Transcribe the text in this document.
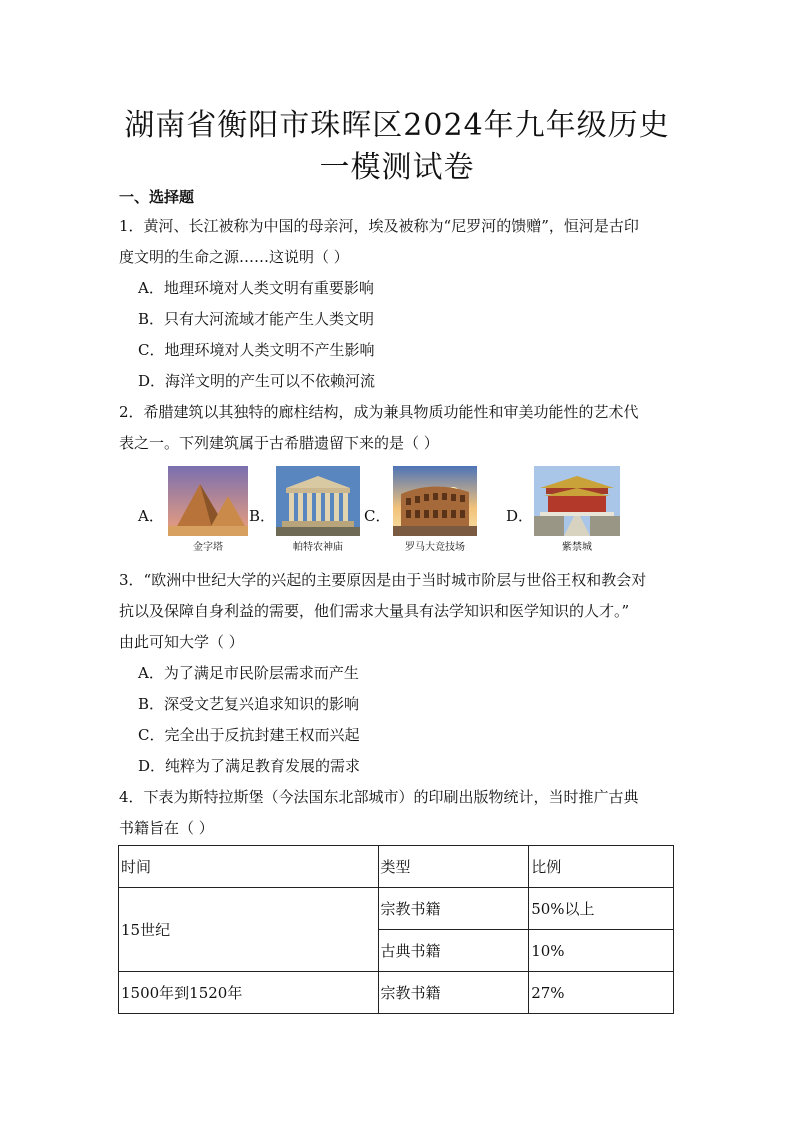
湖南省衡阳市珠晖区2024年九年级历史
一模测试卷
一、选择题
1．黄河、长江被称为中国的母亲河，埃及被称为“尼罗河的馈赠”，恒河是古印
度文明的生命之源……这说明（ ）
A．地理环境对人类文明有重要影响
B．只有大河流域才能产生人类文明
C．地理环境对人类文明不产生影响
D．海洋文明的产生可以不依赖河流
2．希腊建筑以其独特的廊柱结构，成为兼具物质功能性和审美功能性的艺术代
表之一。下列建筑属于古希腊遗留下来的是（ ）
A．
金字塔
B．
帕特农神庙
C．
罗马大竞技场
D．
紫禁城
3．“欧洲中世纪大学的兴起的主要原因是由于当时城市阶层与世俗王权和教会对
抗以及保障自身利益的需要，他们需求大量具有法学知识和医学知识的人才。”
由此可知大学（ ）
A．为了满足市民阶层需求而产生
B．深受文艺复兴追求知识的影响
C．完全出于反抗封建王权而兴起
D．纯粹为了满足教育发展的需求
4．下表为斯特拉斯堡（今法国东北部城市）的印刷出版物统计，当时推广古典
书籍旨在（ ）
时间	类型	比例
15世纪	宗教书籍	50%以上
	古典书籍	10%
1500年到1520年	宗教书籍	27%
